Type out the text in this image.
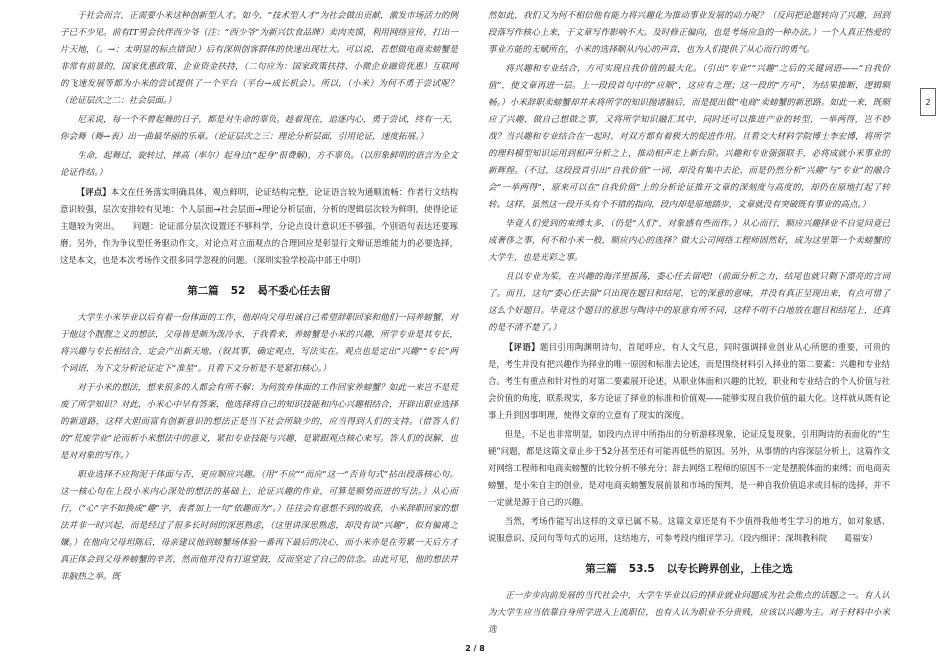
于社会而言，正需要小米这种创新型人才。如今，“技术型人才”为社会做出贡献，激发市场活力的例子已不少见。前有IT男会伙伴西少爷（注：“西少爷”为新兴饮食品牌）卖肉夹馍，利用网络宣传，打出一片天地，（。→：太明显的标点错误!）后有深圳创客群体的快速出现壮大。可以说，若想做电商卖螃蟹是非常有前景的，国家优惠政策、企业资金扶持，（二句应为：国家政策扶持、小微企业融资优惠）互联网的飞速发展等都为小米的尝试提供了一个平台（平台→成长机会）。所以，（小米）为何不勇于尝试呢？（论证层次之二：社会层面。）

尼采说，每一个不曾起舞的日子，都是对生命的辜负。趁着现在，追逐内心，勇于尝试，终有一天，你会舞（舞→表）出一曲最华丽的乐章。（论证层次之三：理论分析层面，引用论证，速度拓展。）

生命，起舞过，旋转过，摔高（率尔）起身过(“起身”很费解)，方不辜负。（以形象鲜明的语言为全文论证作结。）

【评点】本文在任务落实明确具体，观点鲜明，论证结构完整，论证语言较为通顺流畅：作者行文结构意识较强，层次安排较有见地：个人层面→社会层面→理论分析层面，分析的逻辑层次较为鲜明，使得论证主题较为突出。　　问题：论证部分层次设置还不够科学，分论点设计意识还不够强，个别语句表达还要琢磨。另外，作为争议型任务驱动作文，对论点对立面观点的合理回应是彰显行文辩证思维能力的必要选择，这是本文，也是本次考场作文很多同学忽视的问题。（深圳实验学校高中部王中明）

第二篇 52 曷不委心任去留

大学生小米毕业以后有着一份体面的工作，他却向父母坦诚自己希望辞职回家和他们一同养螃蟹，对于他这个靓靓之义的想法，父母皆是颇为泼冷水，于我看来，养螃蟹是小米的兴趣，所学专业是其专长，将兴趣与专长相结合，定会产出新天地。（叙其事，确定观点，写法实在。观点也是定出“兴趣”“专长”两个词语，为下文分析论证定下“准星”。且看下文分析是不是紧扣核心。）

对于小米的想法，想来很多的人都会有所不解：为何放弃体面的工作回家养螃蟹？如此一来岂不是荒废了所学知识？对此，小米心中早有答案，他选择将自己的知识技能和内心兴趣相结合，开辟出职业选择的新道路，这样大胆而富有创新意识的想法正是当下社会所缺少的，应当得到人们的支持。（借答人们的“荒废学业”论而析小米想法中的意义，紧扣专业技能与兴趣，是紧跟观点核心来写。答人们的误解，也是对对象的写作。）

职业选择不应拘泥于体面与否，更应顺应兴趣。（用“不应”“而应”这一“否肯句式”拈出段落核心句。这一核心句在上段小米内心深处的想法的基础上，论证兴趣的作业，可算是顺势而进的写法。）从心而行，（“心”字不如换成“趣”字，表者加上一句“依趣而为”。）往往会有意想不到的收获，小米辞职回家的想法并非一时兴起，而是经过了很多长时间的深思熟虑，（这里讲深思熟虑，却没有谈“兴趣”，似有偏离之嫌。）在他向父母坦陈后，母亲建议他到螃蟹场体验一番再下最后的决心，而小米亦是在劳累一天后方才真正体会到父母养螃蟹的辛苦，然而他并没有打退堂鼓，反而坚定了自己的信念。由此可见，他的想法并非脑热之举。既

然如此，我们又为何不相信他有能力将兴趣化为推动事业发展的动力呢？（反问把论题转向了兴趣，回到段落写作核心上来，于文章写作影响不大。及时修正偏向，也是考场应急的一种办法。）一个人真正热爱的事业方能的无赋所在，小米的选择顺从内心的声音，也为人们提供了从心而行的勇气。

将兴趣和专业结合，方可实现自我价值的最大化。（引出“专业”“兴趣”之后的关键词语——“自我价值”，使文章再进一层。上一段段首句中的“应顺”，这应有之理；这一段的“方可”，为结果推断，逻辑顺畅。）小米辞职卖螃蟹却并未将所学的知识抛诸脑后，而是提出做“电商”卖螃蟹的新思路。如此一来，既顺应了兴趣，做自己想做之事，又将所学知识融汇其中，同时还可以推进产业的转型，一举两得，岂不妙哉？当兴趣和专业结合在一起时，对双方都有着极大的促进作用。且看交大材料学院博士李宏博，将所学的理科模型知识运用到相声分析之上，推动相声走上新台阶。兴趣和专业强强联手，必将成就小米事业的新辉煌。（不过，这段段首引出“自我价值”一词，却没有集中去论，而是仍然分析“兴趣”与“专业”的融合会“一举两得”，原来可以在“自我价值”上的分析论证推开文章的深刻度与高度的，却仍在原地打起了转转。这样，虽然这一段开头有个不错的指向，段内却是原地踏步，文章就没有突破既有事业的高点。）

毕竟人们爱到的束缚太多，（仍是“人们”，对象感有些而作。）从心而行，顺应兴趣择业不自觉问竟已成奢侈之事，何不和小米一般，顺应内心的选择？做大公司网络工程师固然好，成为这里第一个卖螃蟹的大学生，也是光彩之事。

且以专业为桨，在兴趣的海洋里摇荡，委心任去留吧!（前面分析之力，结尾也就只剩下漂亮的言词了。而且，这句“委心任去留”只出现在题目和结尾，它的深意的意味，并没有真正呈现出来，有点可惜了这么个好题目。毕竟这个题目的意思与陶诗中的原意有所不同，这样不明不白地放在题目和结尾上，还真的是不清不楚了。）

【评语】题目引用陶渊明诗句，首尾呼应，有人文气息，同时强调择业创业从心所愿的重要，可贵的是，考生并没有把兴趣作为择业的唯一原因和标准去论述，而是围绕材料引入择业的第二要素：兴趣和专业结合。考生有重点和针对性的对第二要素展开论述，从职业体面和兴趣的比较，职业和专业结合的个人价值与社会价值的角度，联系现实，多方论证了择业的标准和价值观——能够实现自我价值的最大化。这样就从既有论事上升到因事明理，使得文章的立意有了现实的深度。

但是，不足也非常明显，如段内点评中所指出的分析游移现象，论证反复现象，引用陶诗的表面化的“生硬”问题，都是这篇文章止步于52分甚至还有可能再低些的原因。另外，从事情的内容深层分析上，这篇作文对网络工程师和电商卖螃蟹的比较分析不够充分；辞去网络工程师的原因不一定是摆脱体面的束缚；而电商卖螃蟹，是小朱自主的创业，是对电商卖螃蟹发展前景和市场的预判，是一种自我价值追求或目标的选择，并不一定就是源于自己的兴趣。

当然，考场作能写出这样的文章已属不易。这篇文章还是有不少值得我他考生学习的地方，如对象感、说服意识、反问句等句式的运用，这结地方，可参考段内细评学习。（段内细评：深圳教科院　　葛福安）

第三篇 53.5 以专长跨界创业，上佳之选

正一步步向前发展的当代社会中，大学生毕业以后的择业就业问题成为社会焦点的话题之一。有人认为大学生应当依靠自身所学进入上流职位，也有人认为职业不分贵贱，应该以兴趣为主。对于材料中小米选

2
2 / 8
